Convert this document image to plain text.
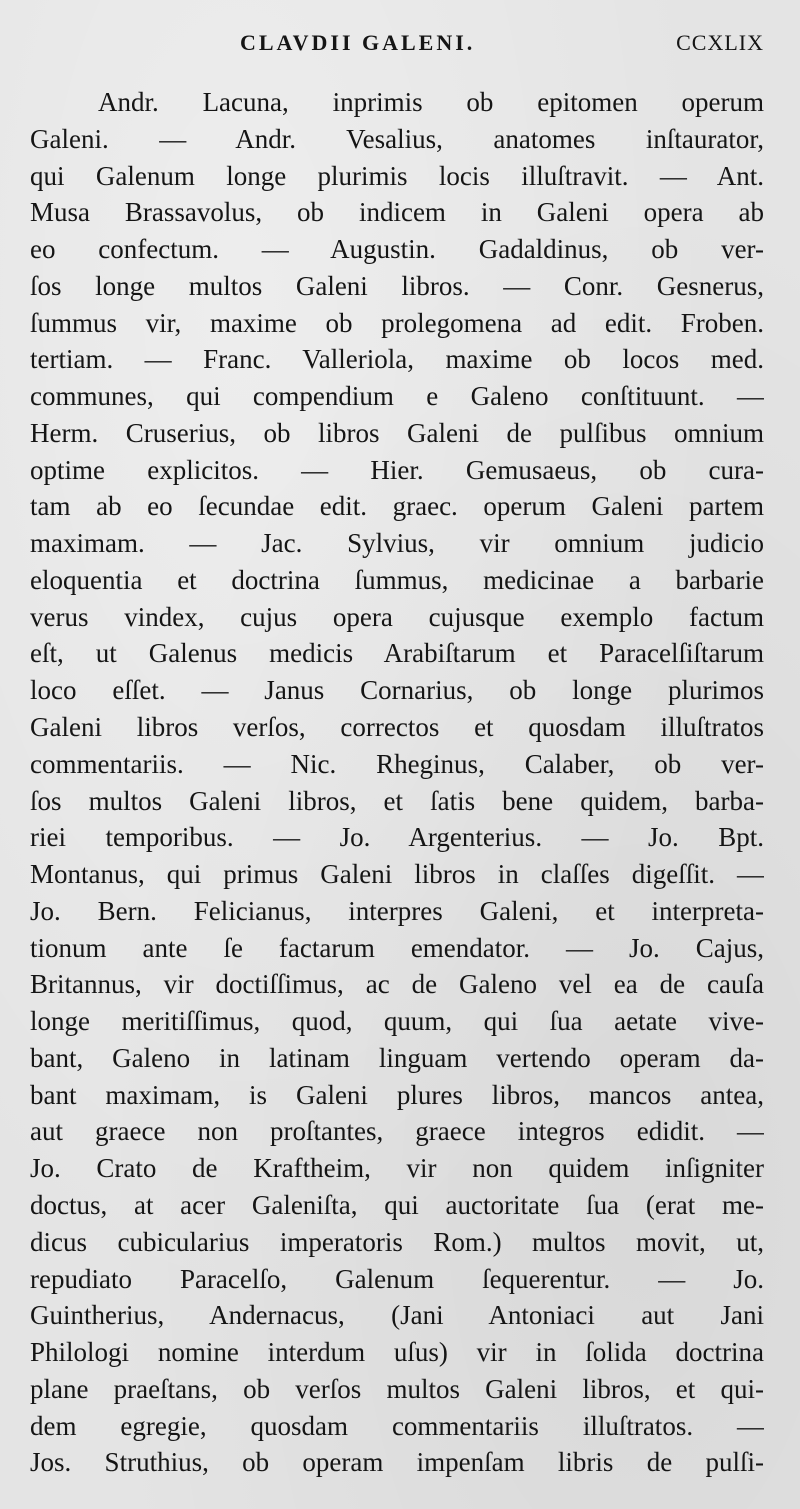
CLAVDII GALENI.	CCXLIX
Andr. Lacuna, inprimis ob epitomen operum
Galeni. — Andr. Vesalius, anatomes inſtaurator,
qui Galenum longe plurimis locis illuſtravit. — Ant.
Musa Brassavolus, ob indicem in Galeni opera ab
eo confectum. — Augustin. Gadaldinus, ob ver-
ſos longe multos Galeni libros. — Conr. Gesnerus,
ſummus vir, maxime ob prolegomena ad edit. Froben.
tertiam. — Franc. Valleriola, maxime ob locos med.
communes, qui compendium e Galeno conſtituunt. —
Herm. Cruserius, ob libros Galeni de pulſibus omnium
optime explicitos. — Hier. Gemusaeus, ob cura-
tam ab eo ſecundae edit. graec. operum Galeni partem
maximam. — Jac. Sylvius, vir omnium judicio
eloquentia et doctrina ſummus, medicinae a barbarie
verus vindex, cujus opera cujusque exemplo factum
eſt, ut Galenus medicis Arabiſtarum et Paracelſiſtarum
loco eſſet. — Janus Cornarius, ob longe plurimos
Galeni libros verſos, correctos et quosdam illuſtratos
commentariis. — Nic. Rheginus, Calaber, ob ver-
ſos multos Galeni libros, et ſatis bene quidem, barba-
riei temporibus. — Jo. Argenterius. — Jo. Bpt.
Montanus, qui primus Galeni libros in claſſes digeſſit. —
Jo. Bern. Felicianus, interpres Galeni, et interpreta-
tionum ante ſe factarum emendator. — Jo. Cajus,
Britannus, vir doctiſſimus, ac de Galeno vel ea de cauſa
longe meritiſſimus, quod, quum, qui ſua aetate vive-
bant, Galeno in latinam linguam vertendo operam da-
bant maximam, is Galeni plures libros, mancos antea,
aut graece non proſtantes, graece integros edidit. —
Jo. Crato de Kraftheim, vir non quidem inſigniter
doctus, at acer Galeniſta, qui auctoritate ſua (erat me-
dicus cubicularius imperatoris Rom.) multos movit, ut,
repudiato Paracelſo, Galenum ſequerentur. — Jo.
Guintherius, Andernacus, (Jani Antoniaci aut Jani
Philologi nomine interdum uſus) vir in ſolida doctrina
plane praeſtans, ob verſos multos Galeni libros, et qui-
dem egregie, quosdam commentariis illuſtratos. —
Jos. Struthius, ob operam impenſam libris de pulſi-
